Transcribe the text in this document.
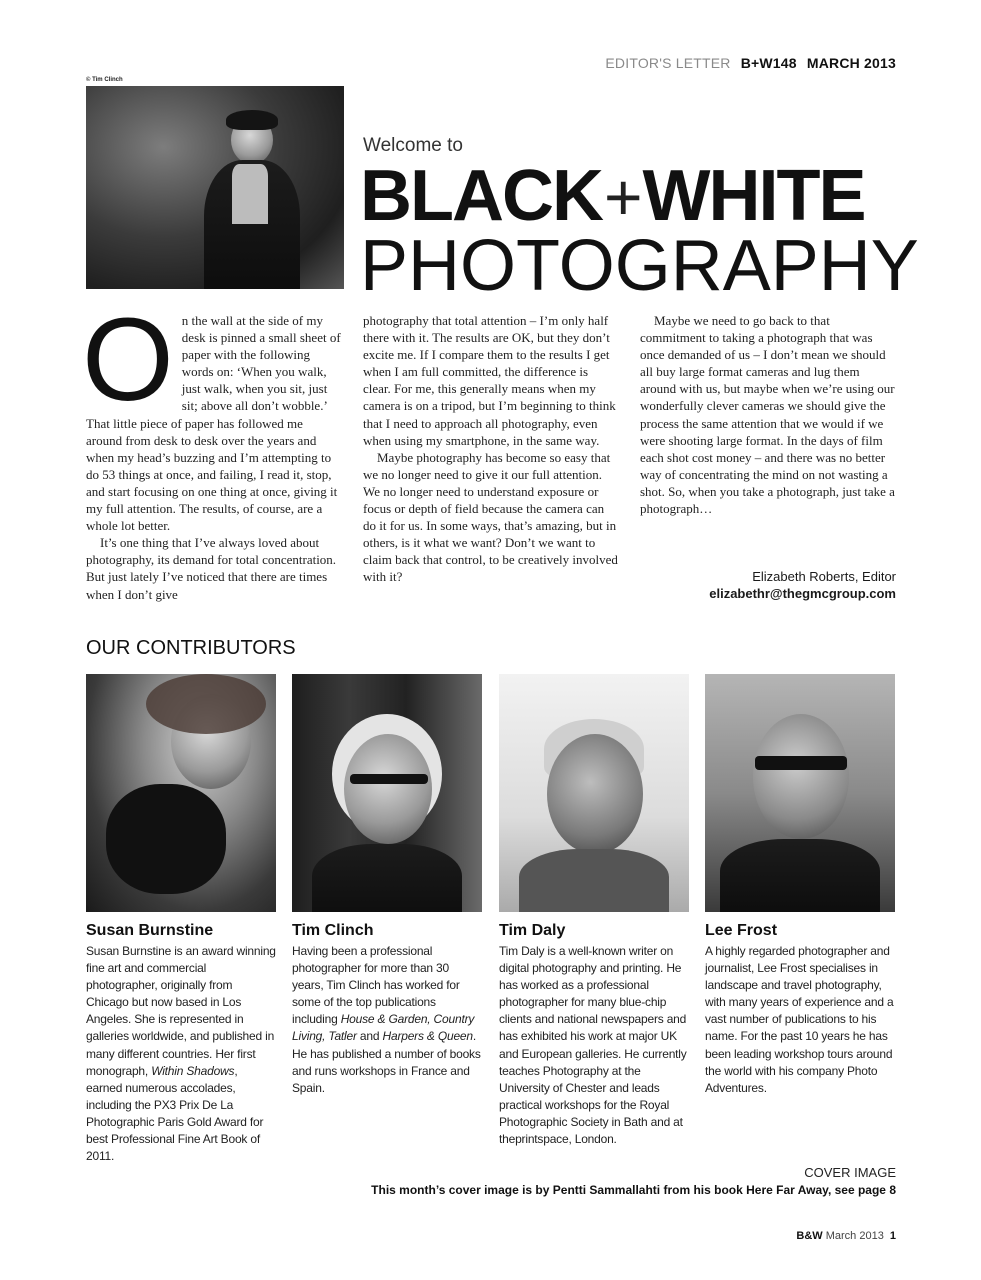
EDITOR'S LETTER B+W148 MARCH 2013
© Tim Clinch
Welcome to
BLACK+WHITE
PHOTOGRAPHY
O n the wall at the side of my desk is pinned a small sheet of paper with the following words on: ‘When you walk, just walk, when you sit, just sit; above all don’t wobble.’ That little piece of paper has followed me around from desk to desk over the years and when my head’s buzzing and I’m attempting to do 53 things at once, and failing, I read it, stop, and start focusing on one thing at once, giving it my full attention. The results, of course, are a whole lot better.

It’s one thing that I’ve always loved about photography, its demand for total concentration. But just lately I’ve noticed that there are times when I don’t give

photography that total attention – I’m only half there with it. The results are OK, but they don’t excite me. If I compare them to the results I get when I am full committed, the difference is clear. For me, this generally means when my camera is on a tripod, but I’m beginning to think that I need to approach all photography, even when using my smartphone, in the same way.

Maybe photography has become so easy that we no longer need to give it our full attention. We no longer need to understand exposure or focus or depth of field because the camera can do it for us. In some ways, that’s amazing, but in others, is it what we want? Don’t we want to claim back that control, to be creatively involved with it?

Maybe we need to go back to that commitment to taking a photograph that was once demanded of us – I don’t mean we should all buy large format cameras and lug them around with us, but maybe when we’re using our wonderfully clever cameras we should give the process the same attention that we would if we were shooting large format. In the days of film each shot cost money – and there was no better way of concentrating the mind on not wasting a shot. So, when you take a photograph, just take a photograph…

Elizabeth Roberts, Editor
elizabethr@thegmcgroup.com
OUR CONTRIBUTORS
Susan Burnstine	Tim Clinch	Tim Daly	Lee Frost
Susan Burnstine is an award winning fine art and commercial photographer, originally from Chicago but now based in Los Angeles. She is represented in galleries worldwide, and published in many different countries. Her first monograph, Within Shadows, earned numerous accolades, including the PX3 Prix De La Photographic Paris Gold Award for best Professional Fine Art Book of 2011.
Having been a professional photographer for more than 30 years, Tim Clinch has worked for some of the top publications including House & Garden, Country Living, Tatler and Harpers & Queen. He has published a number of books and runs workshops in France and Spain.
Tim Daly is a well-known writer on digital photography and printing. He has worked as a professional photographer for many blue-chip clients and national newspapers and has exhibited his work at major UK and European galleries. He currently teaches Photography at the University of Chester and leads practical workshops for the Royal Photographic Society in Bath and at theprintspace, London.
A highly regarded photographer and journalist, Lee Frost specialises in landscape and travel photography, with many years of experience and a vast number of publications to his name. For the past 10 years he has been leading workshop tours around the world with his company Photo Adventures.
COVER IMAGE
This month’s cover image is by Pentti Sammallahti from his book Here Far Away, see page 8
B&W March 2013 1
